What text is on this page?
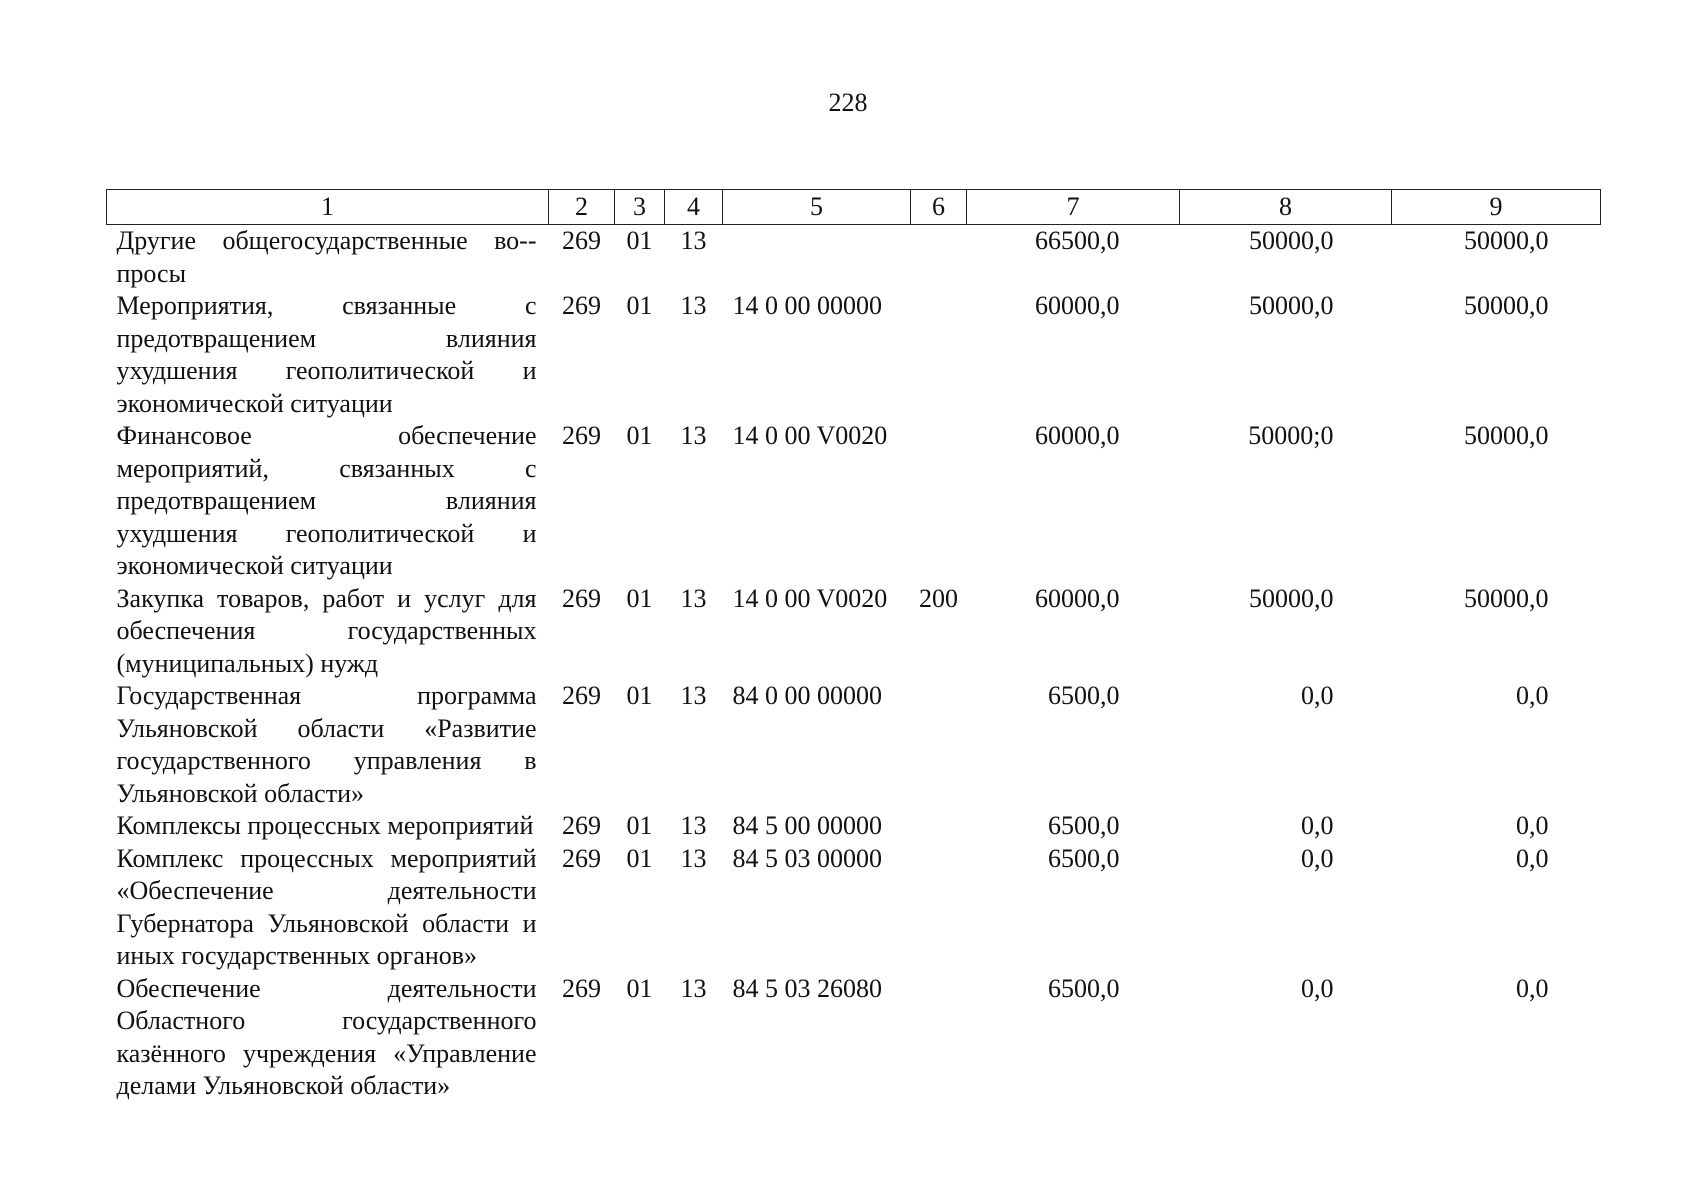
228
1	2	3	4	5	6	7	8	9
Другие общегосударственные во-просы	269	01	13			66500,0	50000,0	50000,0
Мероприятия, связанные с предотвращением влияния ухудшения геополитической и экономической ситуации	269	01	13	14 0 00 00000		60000,0	50000,0	50000,0
Финансовое обеспечение мероприятий, связанных с предотвращением влияния ухудшения геополитической и экономической ситуации	269	01	13	14 0 00 V0020		60000,0	50000;0	50000,0
Закупка товаров, работ и услуг для обеспечения государственных (муниципальных) нужд	269	01	13	14 0 00 V0020	200	60000,0	50000,0	50000,0
Государственная программа Ульяновской области «Развитие государственного управления в Ульяновской области»	269	01	13	84 0 00 00000		6500,0	0,0	0,0
Комплексы процессных мероприятий	269	01	13	84 5 00 00000		6500,0	0,0	0,0
Комплекс процессных мероприятий «Обеспечение деятельности Губернатора Ульяновской области и иных государственных органов»	269	01	13	84 5 03 00000		6500,0	0,0	0,0
Обеспечение деятельности Областного государственного казённого учреждения «Управление делами Ульяновской области»	269	01	13	84 5 03 26080		6500,0	0,0	0,0
